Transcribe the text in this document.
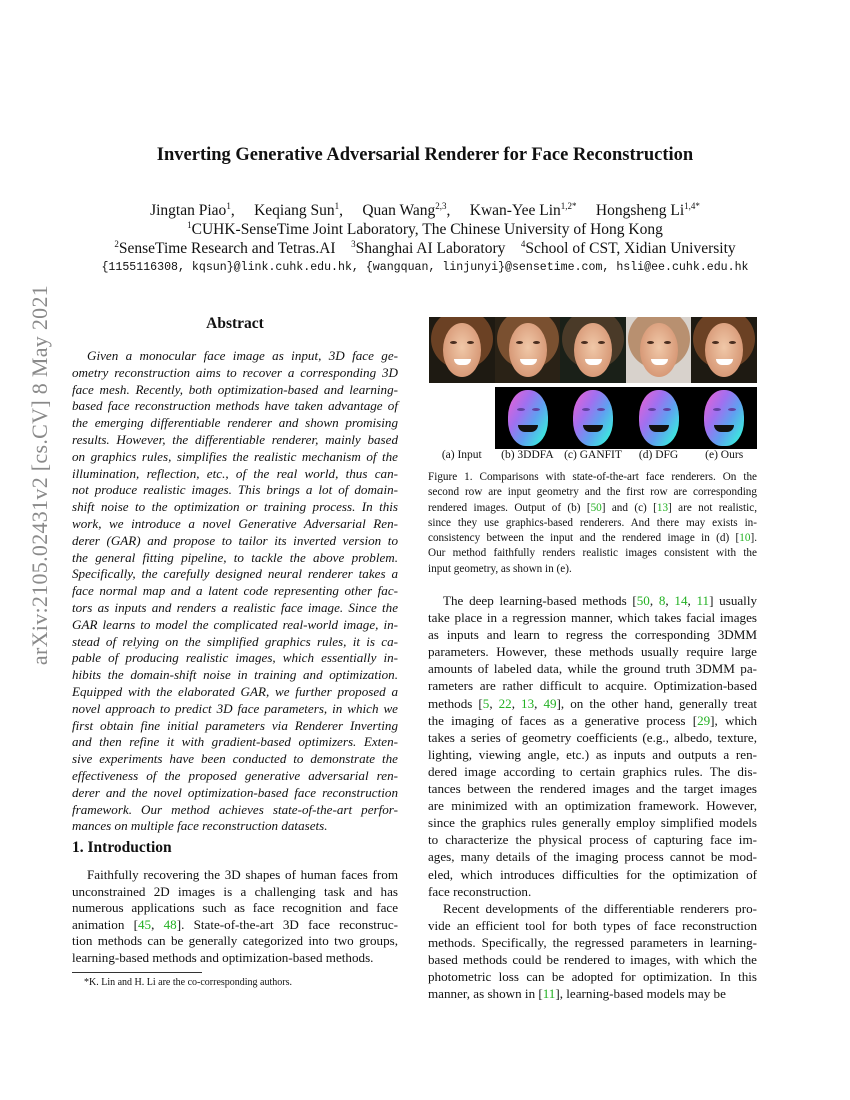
arXiv:2105.02431v2 [cs.CV] 8 May 2021
Inverting Generative Adversarial Renderer for Face Reconstruction
Jingtan Piao$^1$,     Keqiang Sun$^1$,     Quan Wang$^{2,3}$,     Kwan-Yee Lin$^{1,2*}$ Hongsheng $Li^{1,4*}$
$^1$CUHK-SenseTime Joint Laboratory, The Chinese University of Hong Kong
$^2$SenseTime Research and Tetras.AI $^3$Shanghai AI Laboratory $^4$School of CST, Xidian University
{1155116308, kqsun}@link.cuhk.edu.hk, {wangquan, linjunyi}@sensetime.com, hsli@ee.cuhk.edu.hk
Abstract
Given a monocular face image as input, 3D face ge-
ometry reconstruction aims to recover a corresponding 3D
face mesh. Recently, both optimization-based and learning-
based face reconstruction methods have taken advantage of
the emerging differentiable renderer and shown promising
results. However, the differentiable renderer, mainly based
on graphics rules, simplifies the realistic mechanism of the
illumination, reflection, etc., of the real world, thus can-
not produce realistic images. This brings a lot of domain-
shift noise to the optimization or training process. In this
work, we introduce a novel Generative Adversarial Ren-
derer (GAR) and propose to tailor its inverted version to
the general fitting pipeline, to tackle the above problem.
Specifically, the carefully designed neural renderer takes a
face normal map and a latent code representing other fac-
tors as inputs and renders a realistic face image. Since the
GAR learns to model the complicated real-world image, in-
stead of relying on the simplified graphics rules, it is ca-
pable of producing realistic images, which essentially in-
hibits the domain-shift noise in training and optimization.
Equipped with the elaborated GAR, we further proposed a
novel approach to predict 3D face parameters, in which we
first obtain fine initial parameters via Renderer Inverting
and then refine it with gradient-based optimizers. Exten-
sive experiments have been conducted to demonstrate the
effectiveness of the proposed generative adversarial ren-
derer and the novel optimization-based face reconstruction
framework. Our method achieves state-of-the-art perfor-
mances on multiple face reconstruction datasets.
1. Introduction
Faithfully recovering the 3D shapes of human faces from
unconstrained 2D images is a challenging task and has
numerous applications such as face recognition and face
animation [45, 48]. State-of-the-art 3D face reconstruc-
tion methods can be generally categorized into two groups,
learning-based methods and optimization-based methods.
*K. Lin and H. Li are the co-corresponding authors.
(a) Input	(b) 3DDFA (c) GANFIT	(d) DFG	(e) Ours
Figure 1. Comparisons with state-of-the-art face renderers. On the
second row are input geometry and the first row are corresponding
rendered images. Output of (b) [50] and (c) [13] are not realistic,
since they use graphics-based renderers. And there may exists in-
consistency between the input and the rendered image in (d) [10].
Our method faithfully renders realistic images consistent with the
input geometry, as shown in (e).
The deep learning-based methods [50, 8, 14, 11] usually
take place in a regression manner, which takes facial images
as inputs and learn to regress the corresponding 3DMM
parameters. However, these methods usually require large
amounts of labeled data, while the ground truth 3DMM pa-
rameters are rather difficult to acquire. Optimization-based
methods [5, 22, 13, 49], on the other hand, generally treat
the imaging of faces as a generative process [29], which
takes a series of geometry coefficients (e.g., albedo, texture,
lighting, viewing angle, etc.) as inputs and outputs a ren-
dered image according to certain graphics rules. The dis-
tances between the rendered images and the target images
are minimized with an optimization framework. However,
since the graphics rules generally employ simplified models
to characterize the physical process of capturing face im-
ages, many details of the imaging process cannot be mod-
eled, which introduces difficulties for the optimization of
face reconstruction.
Recent developments of the differentiable renderers pro-
vide an efficient tool for both types of face reconstruction
methods. Specifically, the regressed parameters in learning-
based methods could be rendered to images, with which the
photometric loss can be adopted for optimization. In this
manner, as shown in [11], learning-based models may be
